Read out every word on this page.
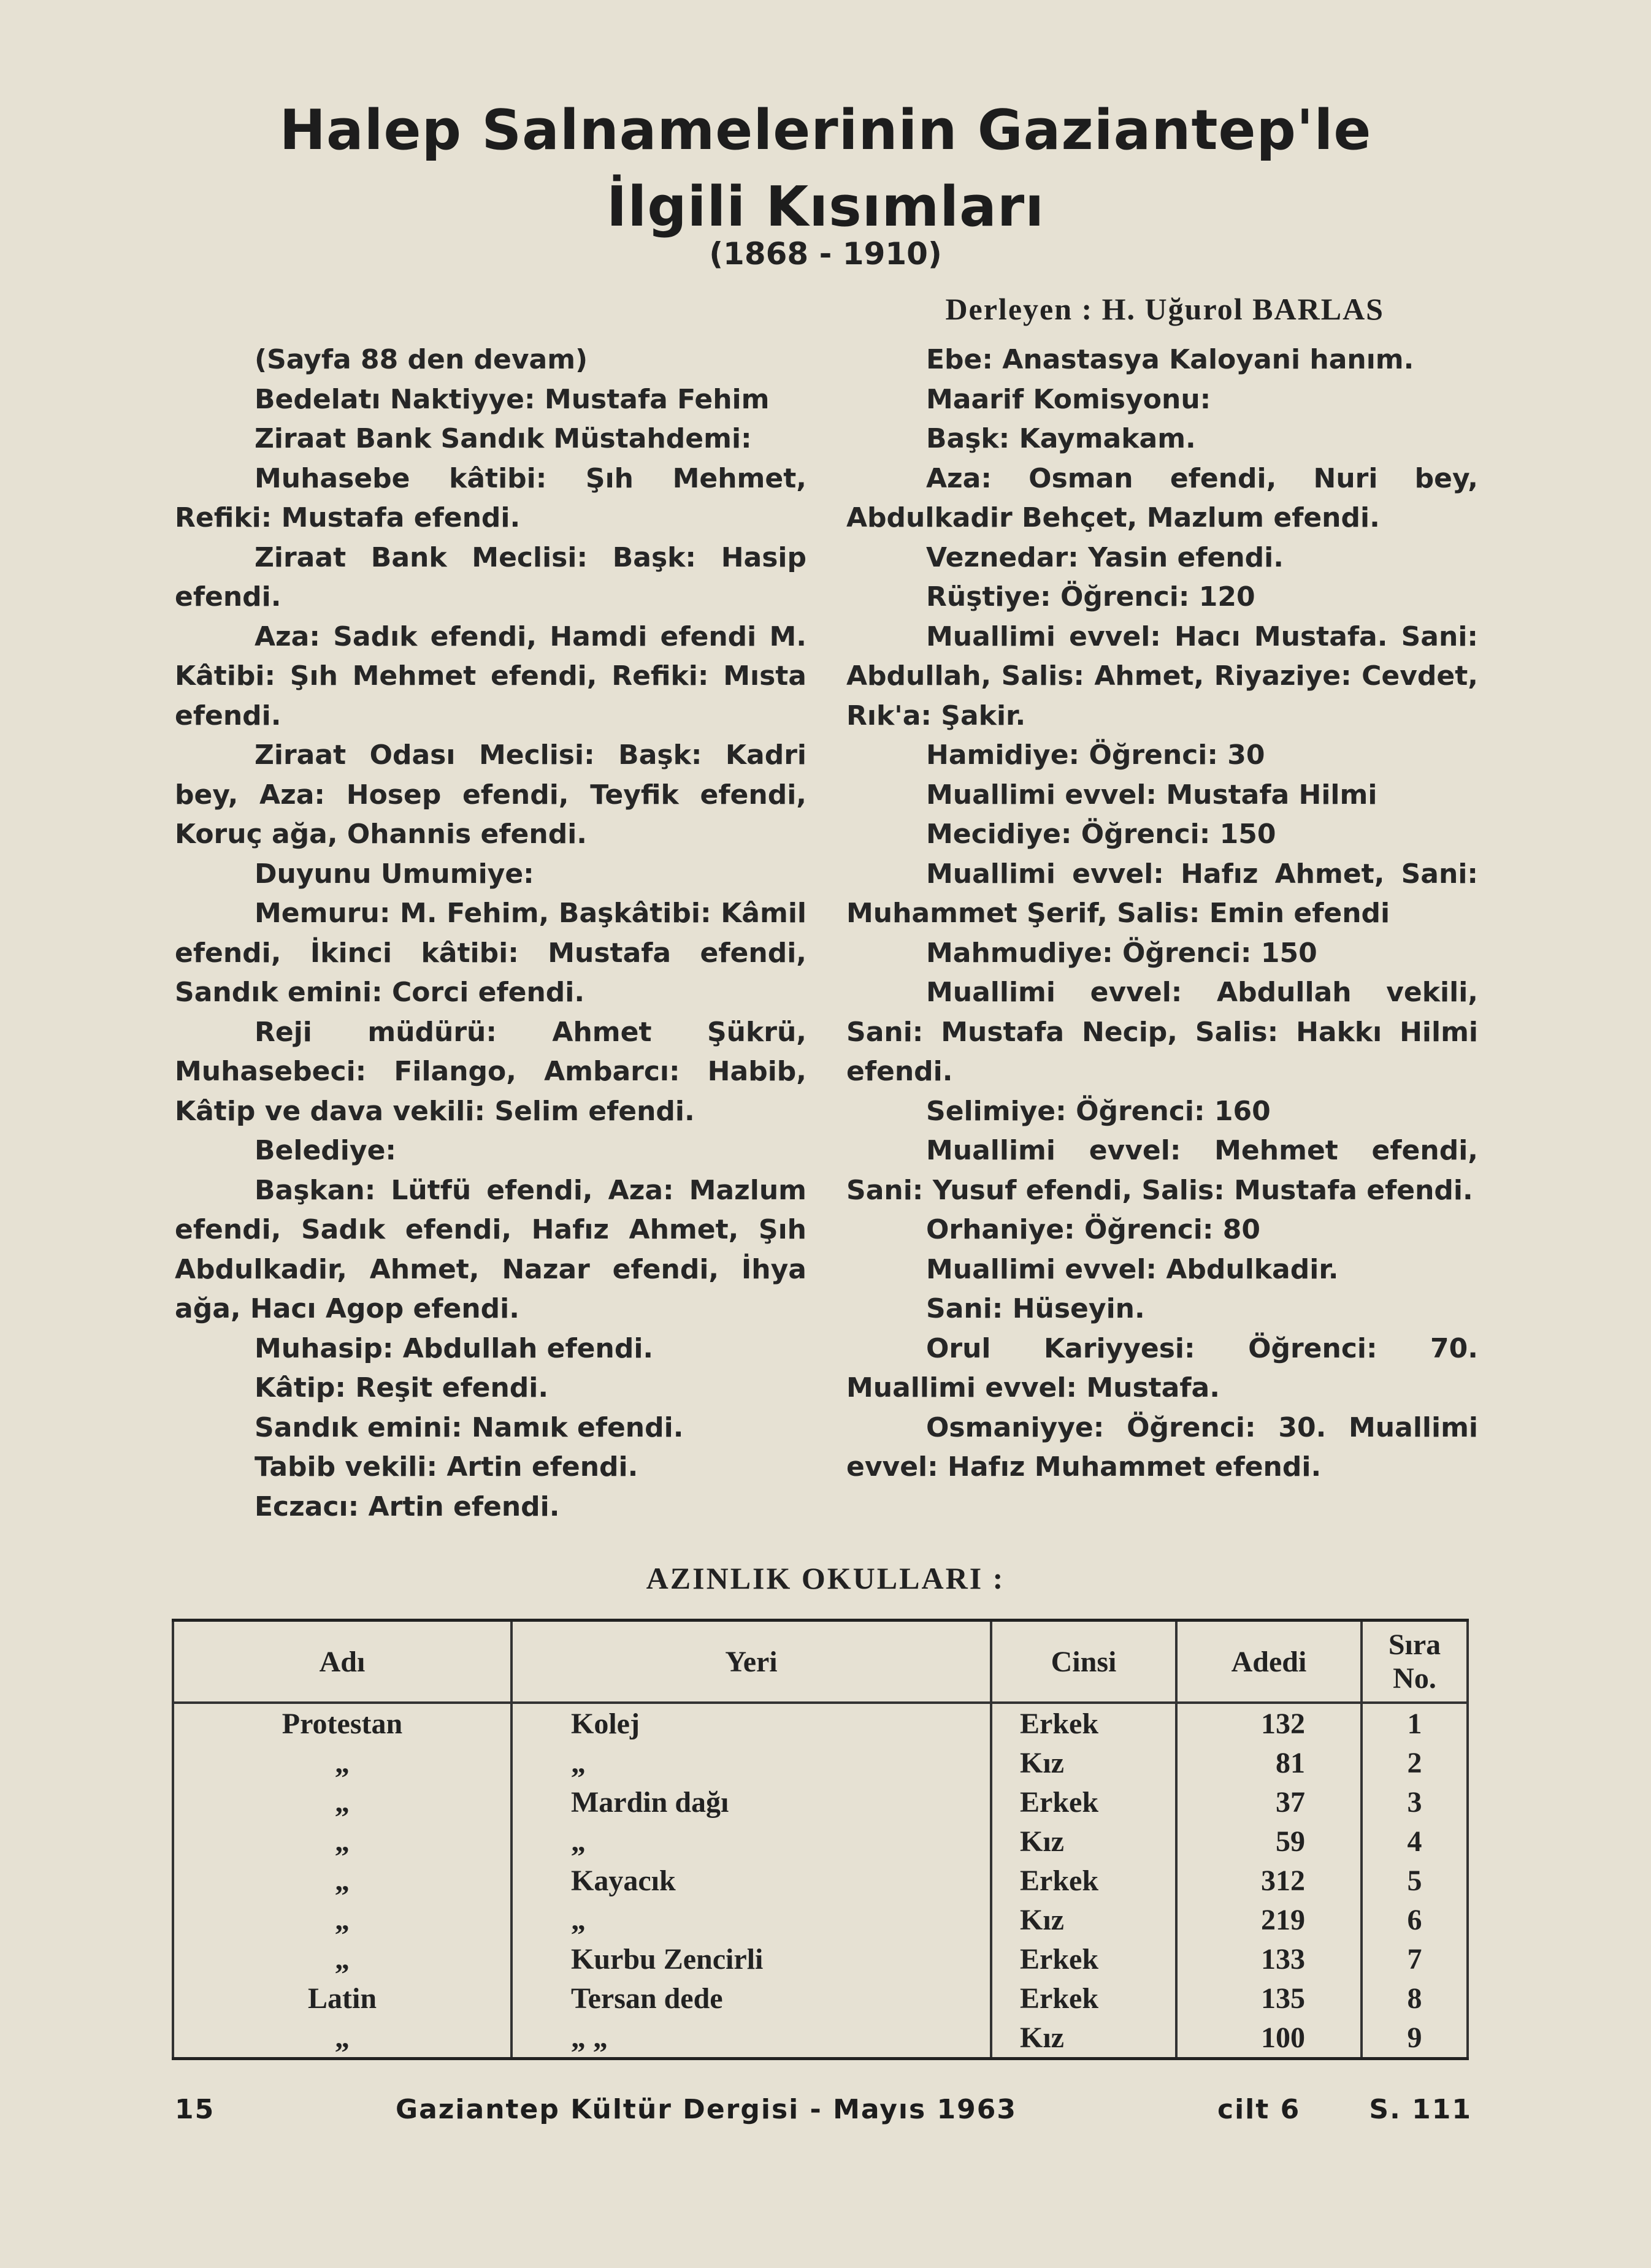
Halep Salnamelerinin Gaziantep'le
İlgili Kısımları
(1868 - 1910)
Derleyen : H. Uğurol BARLAS

(Sayfa 88 den devam)

Bedelatı Naktiyye: Mustafa Fehim

Ziraat Bank Sandık Müstahdemi:

Muhasebe kâtibi: Şıh Mehmet, Refiki: Mustafa efendi.

Ziraat Bank Meclisi: Başk: Hasip efendi.

Aza: Sadık efendi, Hamdi efendi M. Kâtibi: Şıh Mehmet efendi, Refiki: Mısta efendi.

Ziraat Odası Meclisi: Başk: Kadri bey, Aza: Hosep efendi, Teyfik efendi, Koruç ağa, Ohannis efendi.

Duyunu Umumiye:

Memuru: M. Fehim, Başkâtibi: Kâmil efendi, İkinci kâtibi: Mustafa efendi, Sandık emini: Corci efendi.

Reji müdürü: Ahmet Şükrü, Muhasebeci: Filango, Ambarcı: Habib, Kâtip ve dava vekili: Selim efendi.

Belediye:

Başkan: Lütfü efendi, Aza: Mazlum efendi, Sadık efendi, Hafız Ahmet, Şıh Abdulkadir, Ahmet, Nazar efendi, İhya ağa, Hacı Agop efendi.

Muhasip: Abdullah efendi.

Kâtip: Reşit efendi.

Sandık emini: Namık efendi.

Tabib vekili: Artin efendi.

Eczacı: Artin efendi.

Ebe: Anastasya Kaloyani hanım.

Maarif Komisyonu:

Başk: Kaymakam.

Aza: Osman efendi, Nuri bey, Abdulkadir Behçet, Mazlum efendi.

Veznedar: Yasin efendi.

Rüştiye: Öğrenci: 120

Muallimi evvel: Hacı Mustafa. Sani: Abdullah, Salis: Ahmet, Riyaziye: Cevdet, Rık'a: Şakir.

Hamidiye: Öğrenci: 30

Muallimi evvel: Mustafa Hilmi

Mecidiye: Öğrenci: 150

Muallimi evvel: Hafız Ahmet, Sani: Muhammet Şerif, Salis: Emin efendi

Mahmudiye: Öğrenci: 150

Muallimi evvel: Abdullah vekili, Sani: Mustafa Necip, Salis: Hakkı Hilmi efendi.

Selimiye: Öğrenci: 160

Muallimi evvel: Mehmet efendi, Sani: Yusuf efendi, Salis: Mustafa efendi.

Orhaniye: Öğrenci: 80

Muallimi evvel: Abdulkadir.

Sani: Hüseyin.

Orul Kariyyesi: Öğrenci: 70. Muallimi evvel: Mustafa.

Osmaniyye: Öğrenci: 30. Muallimi evvel: Hafız Muhammet efendi.

AZINLIK OKULLARI :
Adı	Yeri	Cinsi	Adedi	Sıra No.
Protestan	Kolej	Erkek	132	1
„	„	Kız	81	2
„	Mardin dağı	Erkek	37	3
„	„	Kız	59	4
„	Kayacık	Erkek	312	5
„	„	Kız	219	6
„	Kurbu Zencirli	Erkek	133	7
Latin	Tersan dede	Erkek	135	8
„	„ „	Kız	100	9
15	Gaziantep Kültür Dergisi - Mayıs 1963	cilt 6	S. 111
